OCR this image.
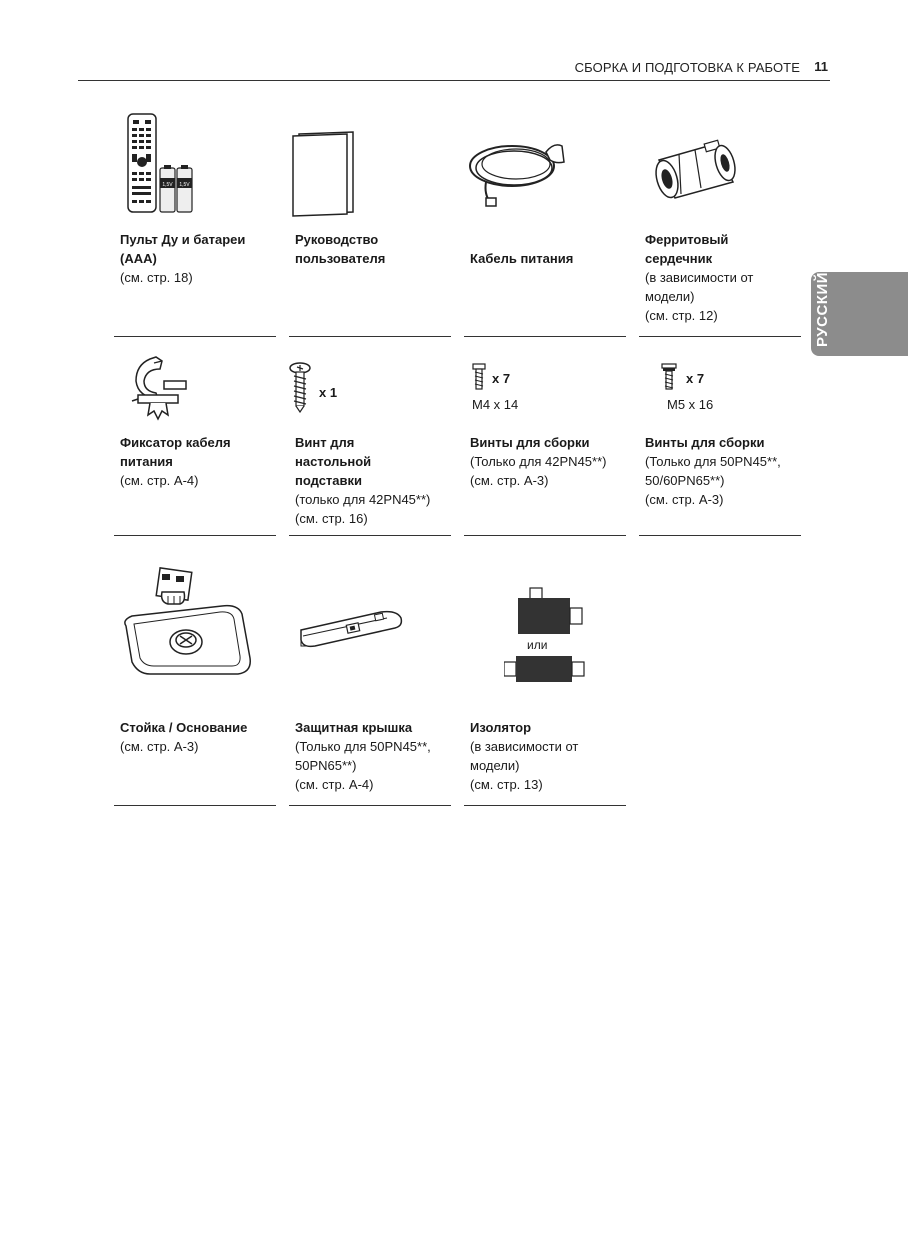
СБОРКА И ПОДГОТОВКА К РАБОТЕ 11
РУССКИЙ
1,5V 1,5V
Пульт Ду и батареи
(AAA)
(см. стр. 18)
Руководство
пользователя	Кабель питания
Ферритовый
сердечник
(в зависимости от
модели)
(см. стр. 12)
Фиксатор кабеля
питания
(см. стр. A-4)
x 1
Винт для
настольной
подставки
(только для 42PN45**)
(см. стр. 16)
x 7
M4 x 14
Винты для сборки
(Только для 42PN45**)
(см. стр. A-3)
x 7
M5 x 16
Винты для сборки
(Только для 50PN45**,
50/60PN65**)
(см. стр. A-3)
Стойка / Основание
(см. стр. A-3)
Защитная крышка
(Только для 50PN45**,
50PN65**)
(см. стр. A-4)
или
Изолятор
(в зависимости от
модели)
(см. стр. 13)
